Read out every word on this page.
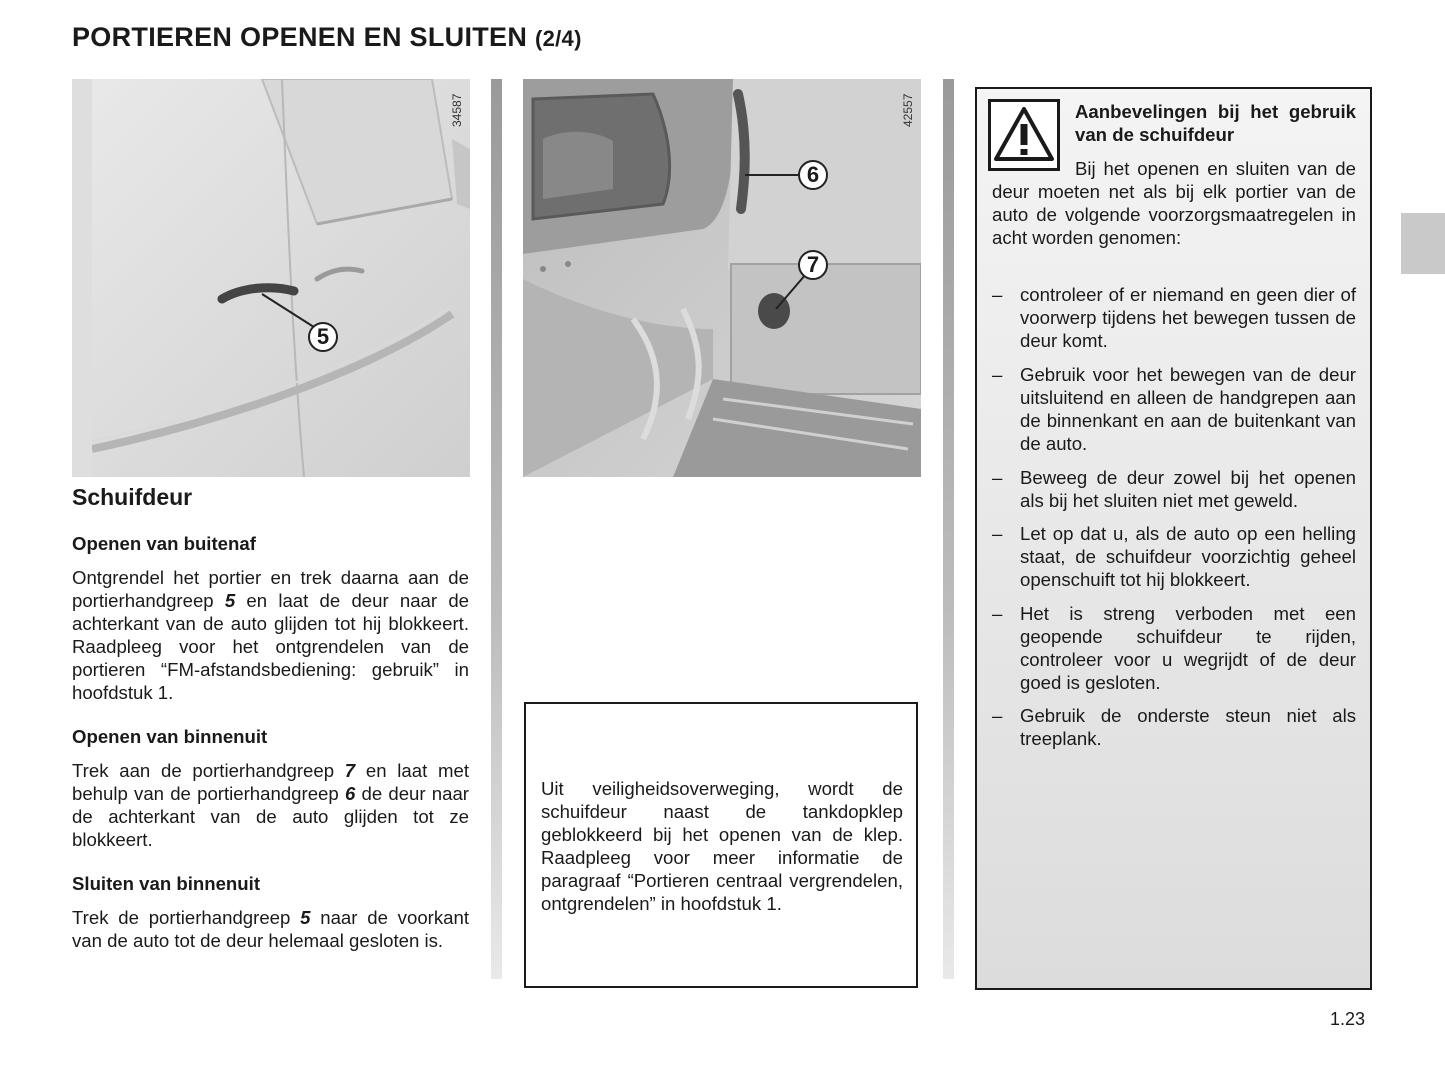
PORTIEREN OPENEN EN SLUITEN (2/4)
5
34587
6
7
42557
Schuifdeur
Openen van buitenaf

Ontgrendel het portier en trek daarna aan de portierhandgreep 5 en laat de deur naar de achterkant van de auto glijden tot hij blokkeert. Raadpleeg voor het ontgrendelen van de portieren “FM-afstandsbediening: gebruik” in hoofdstuk 1.

Openen van binnenuit

Trek aan de portierhandgreep 7 en laat met behulp van de portierhandgreep 6 de deur naar de achterkant van de auto glijden tot ze blokkeert.

Sluiten van binnenuit

Trek de portierhandgreep 5 naar de voorkant van de auto tot de deur helemaal gesloten is.

Uit veiligheidsoverweging, wordt de schuifdeur naast de tankdopklep geblokkeerd bij het openen van de klep. Raadpleeg voor meer informatie de paragraaf “Portieren centraal vergrendelen, ontgrendelen” in hoofdstuk 1.

Aanbevelingen bij het gebruik van de schuifdeur

Bij het openen en sluiten van de deur moeten net als bij elk portier van de auto de volgende voorzorgsmaatregelen in acht worden genomen:

– controleer of er niemand en geen dier of voorwerp tijdens het bewegen tussen de deur komt.
– Gebruik voor het bewegen van de deur uitsluitend en alleen de handgrepen aan de binnenkant en aan de buitenkant van de auto.
– Beweeg de deur zowel bij het openen als bij het sluiten niet met geweld.
– Let op dat u, als de auto op een helling staat, de schuifdeur voorzichtig geheel openschuift tot hij blokkeert.
– Het is streng verboden met een geopende schuifdeur te rijden, controleer voor u wegrijdt of de deur goed is gesloten.
– Gebruik de onderste steun niet als treeplank.
1.23
